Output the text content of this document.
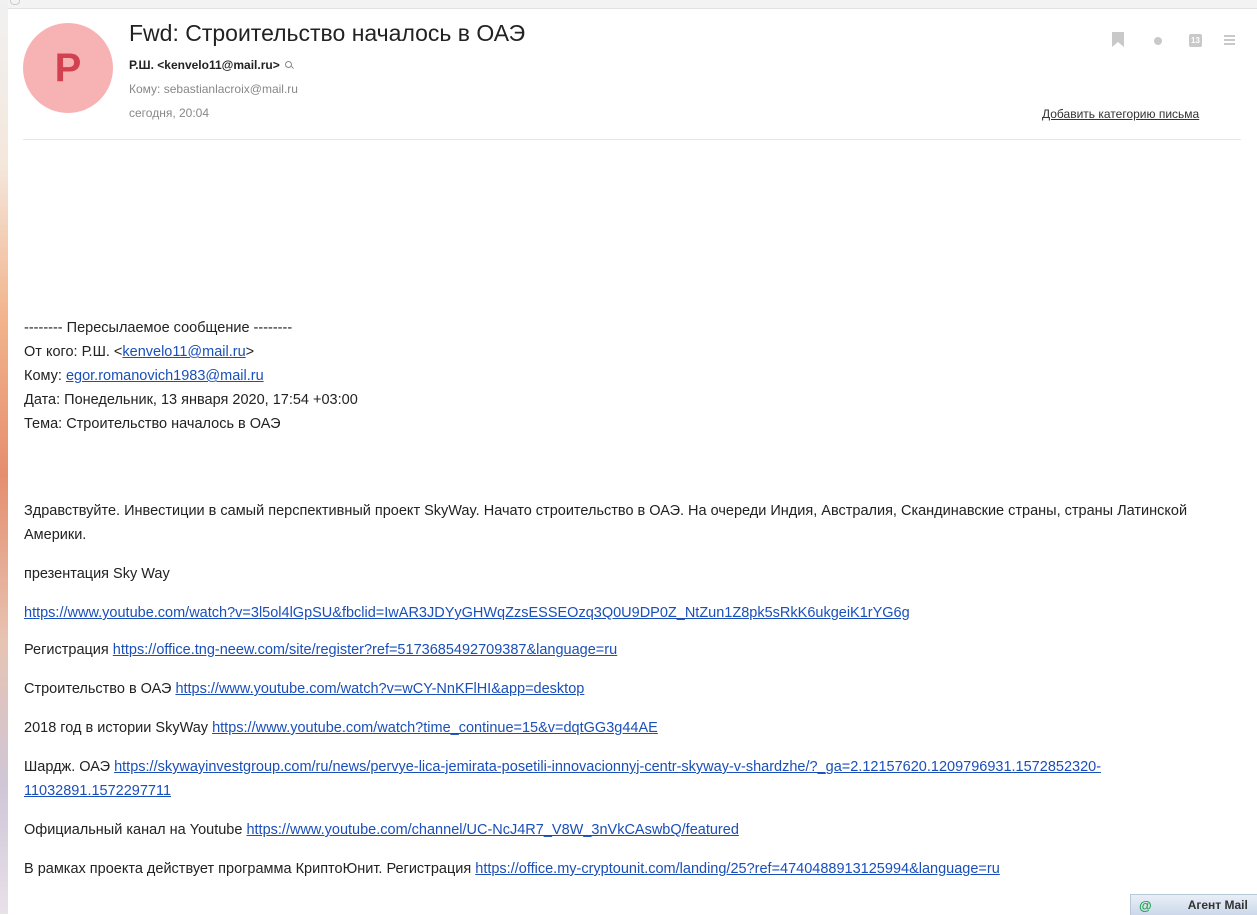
P
Fwd: Строительство началось в ОАЭ
Р.Ш. <kenvelo11@mail.ru>
Кому: sebastianlacroix@mail.ru
сегодня, 20:04	Добавить категорию письма
13
-------- Пересылаемое сообщение --------
От кого: Р.Ш. <kenvelo11@mail.ru>
Кому: egor.romanovich1983@mail.ru
Дата: Понедельник, 13 января 2020, 17:54 +03:00
Тема: Строительство началось в ОАЭ
Здравствуйте. Инвестиции в самый перспективный проект SkyWay. Начато строительство в ОАЭ. На очереди Индия, Австралия, Скандинавские страны, страны Латинской Америки.
презентация Sky Way
https://www.youtube.com/watch?v=3l5ol4lGpSU&fbclid=IwAR3JDYyGHWqZzsESSEOzq3Q0U9DP0Z_NtZun1Z8pk5sRkK6ukgeiK1rYG6g
Регистрация https://office.tng-neew.com/site/register?ref=5173685492709387&language=ru
Строительство в ОАЭ https://www.youtube.com/watch?v=wCY-NnKFlHI&app=desktop
2018 год в истории SkyWay https://www.youtube.com/watch?time_continue=15&v=dqtGG3g44AE
Шардж. ОАЭ https://skywayinvestgroup.com/ru/news/pervye-lica-jemirata-posetili-innovacionnyj-centr-skyway-v-shardzhe/?_ga=2.12157620.1209796931.1572852320-
11032891.1572297711
Официальный канал на Youtube https://www.youtube.com/channel/UC-NcJ4R7_V8W_3nVkCAswbQ/featured
В рамках проекта действует программа КриптоЮнит. Регистрация https://office.my-cryptounit.com/landing/25?ref=4740488913125994&language=ru
@	Агент Mail
